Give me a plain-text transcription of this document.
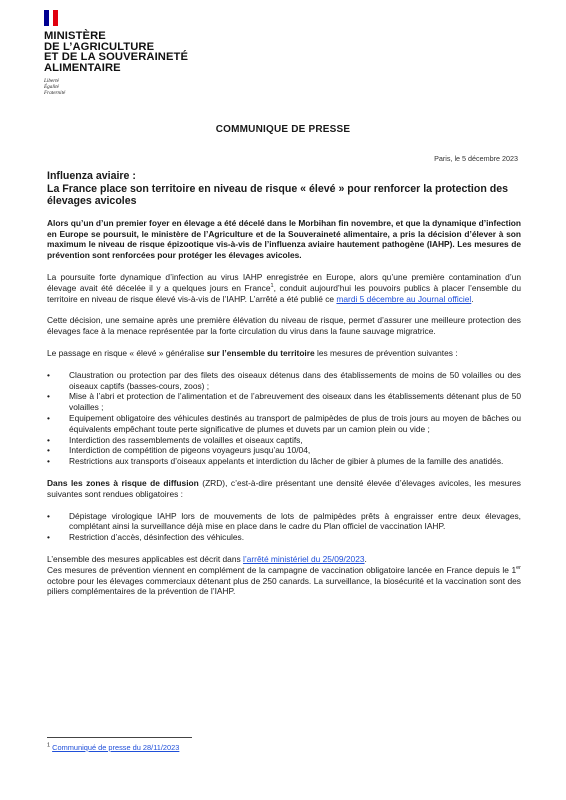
MINISTÈRE
DE L’AGRICULTURE
ET DE LA SOUVERAINETÉ
ALIMENTAIRE
Liberté
Égalité
Fraternité
COMMUNIQUE DE PRESSE
Paris, le 5 décembre 2023

Influenza aviaire :
La France place son territoire en niveau de risque « élevé » pour renforcer la protection des élevages avicoles

Alors qu’un d’un premier foyer en élevage a été décelé dans le Morbihan fin novembre, et que la dynamique d’infection en Europe se poursuit, le ministère de l’Agriculture et de la Souveraineté alimentaire, a pris la décision d’élever à son maximum le niveau de risque épizootique vis-à-vis de l’influenza aviaire hautement pathogène (IAHP). Les mesures de prévention sont renforcées pour protéger les élevages avicoles.

La poursuite forte dynamique d’infection au virus IAHP enregistrée en Europe, alors qu’une première contamination d’un élevage avait été décelée il y a quelques jours en France$^1$, conduit aujourd’hui les pouvoirs publics à placer l’ensemble du territoire en niveau de risque élevé vis-à-vis de l’IAHP. L’arrêté a été publié ce mardi 5 décembre au Journal officiel.

Cette décision, une semaine après une première élévation du niveau de risque, permet d’assurer une meilleure protection des élevages face à la menace représentée par la forte circulation du virus dans la faune sauvage migratrice.

Le passage en risque « élevé » généralise sur l’ensemble du territoire les mesures de prévention suivantes :

• Claustration ou protection par des filets des oiseaux détenus dans des établissements de moins de 50 volailles ou des oiseaux captifs (basses-cours, zoos) ;
• Mise à l’abri et protection de l’alimentation et de l’abreuvement des oiseaux dans les établissements détenant plus de 50 volailles ;
• Equipement obligatoire des véhicules destinés au transport de palmipèdes de plus de trois jours au moyen de bâches ou équivalents empêchant toute perte significative de plumes et duvets par un camion plein ou vide ;
• Interdiction des rassemblements de volailles et oiseaux captifs,
• Interdiction de compétition de pigeons voyageurs jusqu’au 10/04,
• Restrictions aux transports d’oiseaux appelants et interdiction du lâcher de gibier à plumes de la famille des anatidés.

Dans les zones à risque de diffusion (ZRD), c’est-à-dire présentant une densité élevée d’élevages avicoles, les mesures suivantes sont rendues obligatoires :

• Dépistage virologique IAHP lors de mouvements de lots de palmipèdes prêts à engraisser entre deux élevages, complétant ainsi la surveillance déjà mise en place dans le cadre du Plan officiel de vaccination IAHP.
• Restriction d’accès, désinfection des véhicules.

L’ensemble des mesures applicables est décrit dans l’arrêté ministériel du 25/09/2023.

Ces mesures de prévention viennent en complément de la campagne de vaccination obligatoire lancée en France depuis le 1er octobre pour les élevages commerciaux détenant plus de 250 canards. La surveillance, la biosécurité et la vaccination sont des piliers complémentaires de la prévention de l’IAHP.

$^1$ Communiqué de presse du 28/11/2023
